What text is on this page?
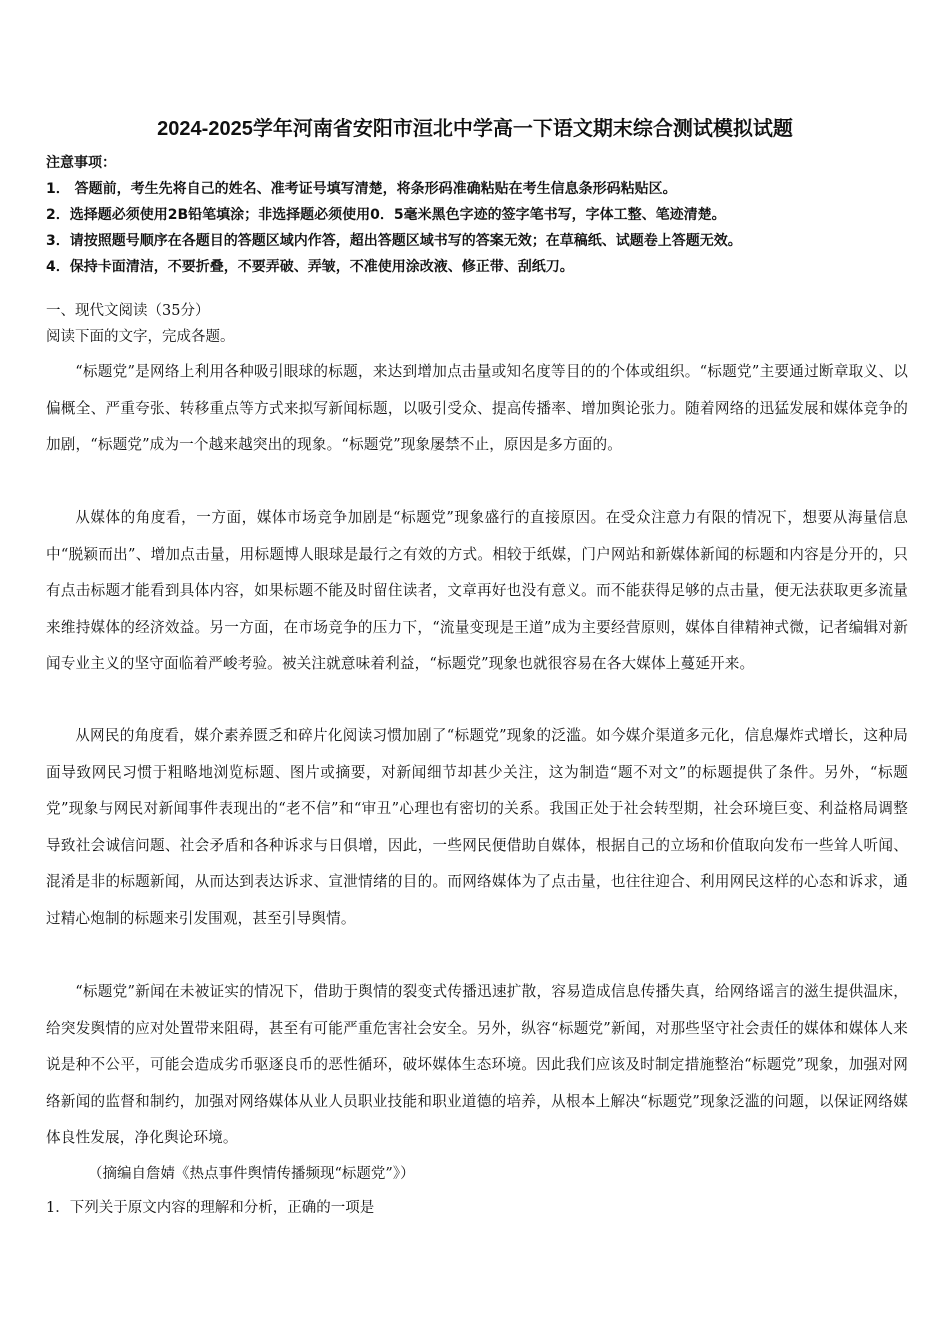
2024-2025学年河南省安阳市洹北中学高一下语文期末综合测试模拟试题

注意事项：

1． 答题前，考生先将自己的姓名、准考证号填写清楚，将条形码准确粘贴在考生信息条形码粘贴区。
2．选择题必须使用2B铅笔填涂；非选择题必须使用0．5毫米黑色字迹的签字笔书写，字体工整、笔迹清楚。
3．请按照题号顺序在各题目的答题区域内作答，超出答题区域书写的答案无效；在草稿纸、试题卷上答题无效。
4．保持卡面清洁，不要折叠，不要弄破、弄皱，不准使用涂改液、修正带、刮纸刀。

一、现代文阅读（35分）

阅读下面的文字，完成各题。

“标题党”是网络上利用各种吸引眼球的标题，来达到增加点击量或知名度等目的的个体或组织。“标题党”主要通过断章取义、以偏概全、严重夸张、转移重点等方式来拟写新闻标题，以吸引受众、提高传播率、增加舆论张力。随着网络的迅猛发展和媒体竞争的加剧，“标题党”成为一个越来越突出的现象。“标题党”现象屡禁不止，原因是多方面的。

从媒体的角度看，一方面，媒体市场竞争加剧是“标题党”现象盛行的直接原因。在受众注意力有限的情况下，想要从海量信息中“脱颖而出”、增加点击量，用标题博人眼球是最行之有效的方式。相较于纸媒，门户网站和新媒体新闻的标题和内容是分开的，只有点击标题才能看到具体内容，如果标题不能及时留住读者，文章再好也没有意义。而不能获得足够的点击量，便无法获取更多流量来维持媒体的经济效益。另一方面，在市场竞争的压力下，“流量变现是王道”成为主要经营原则，媒体自律精神式微，记者编辑对新闻专业主义的坚守面临着严峻考验。被关注就意味着利益，“标题党”现象也就很容易在各大媒体上蔓延开来。

从网民的角度看，媒介素养匮乏和碎片化阅读习惯加剧了“标题党”现象的泛滥。如今媒介渠道多元化，信息爆炸式增长，这种局面导致网民习惯于粗略地浏览标题、图片或摘要，对新闻细节却甚少关注，这为制造“题不对文”的标题提供了条件。另外，“标题党”现象与网民对新闻事件表现出的“老不信”和“审丑”心理也有密切的关系。我国正处于社会转型期，社会环境巨变、利益格局调整导致社会诚信问题、社会矛盾和各种诉求与日俱增，因此，一些网民便借助自媒体，根据自己的立场和价值取向发布一些耸人听闻、混淆是非的标题新闻，从而达到表达诉求、宣泄情绪的目的。而网络媒体为了点击量，也往往迎合、利用网民这样的心态和诉求，通过精心炮制的标题来引发围观，甚至引导舆情。

“标题党”新闻在未被证实的情况下，借助于舆情的裂变式传播迅速扩散，容易造成信息传播失真，给网络谣言的滋生提供温床，给突发舆情的应对处置带来阻碍，甚至有可能严重危害社会安全。另外，纵容“标题党”新闻，对那些坚守社会责任的媒体和媒体人来说是种不公平，可能会造成劣币驱逐良币的恶性循环，破坏媒体生态环境。因此我们应该及时制定措施整治“标题党”现象，加强对网络新闻的监督和制约，加强对网络媒体从业人员职业技能和职业道德的培养，从根本上解决“标题党”现象泛滥的问题，以保证网络媒体良性发展，净化舆论环境。

（摘编自詹婧《热点事件舆情传播频现“标题党”》）

1．下列关于原文内容的理解和分析，正确的一项是
